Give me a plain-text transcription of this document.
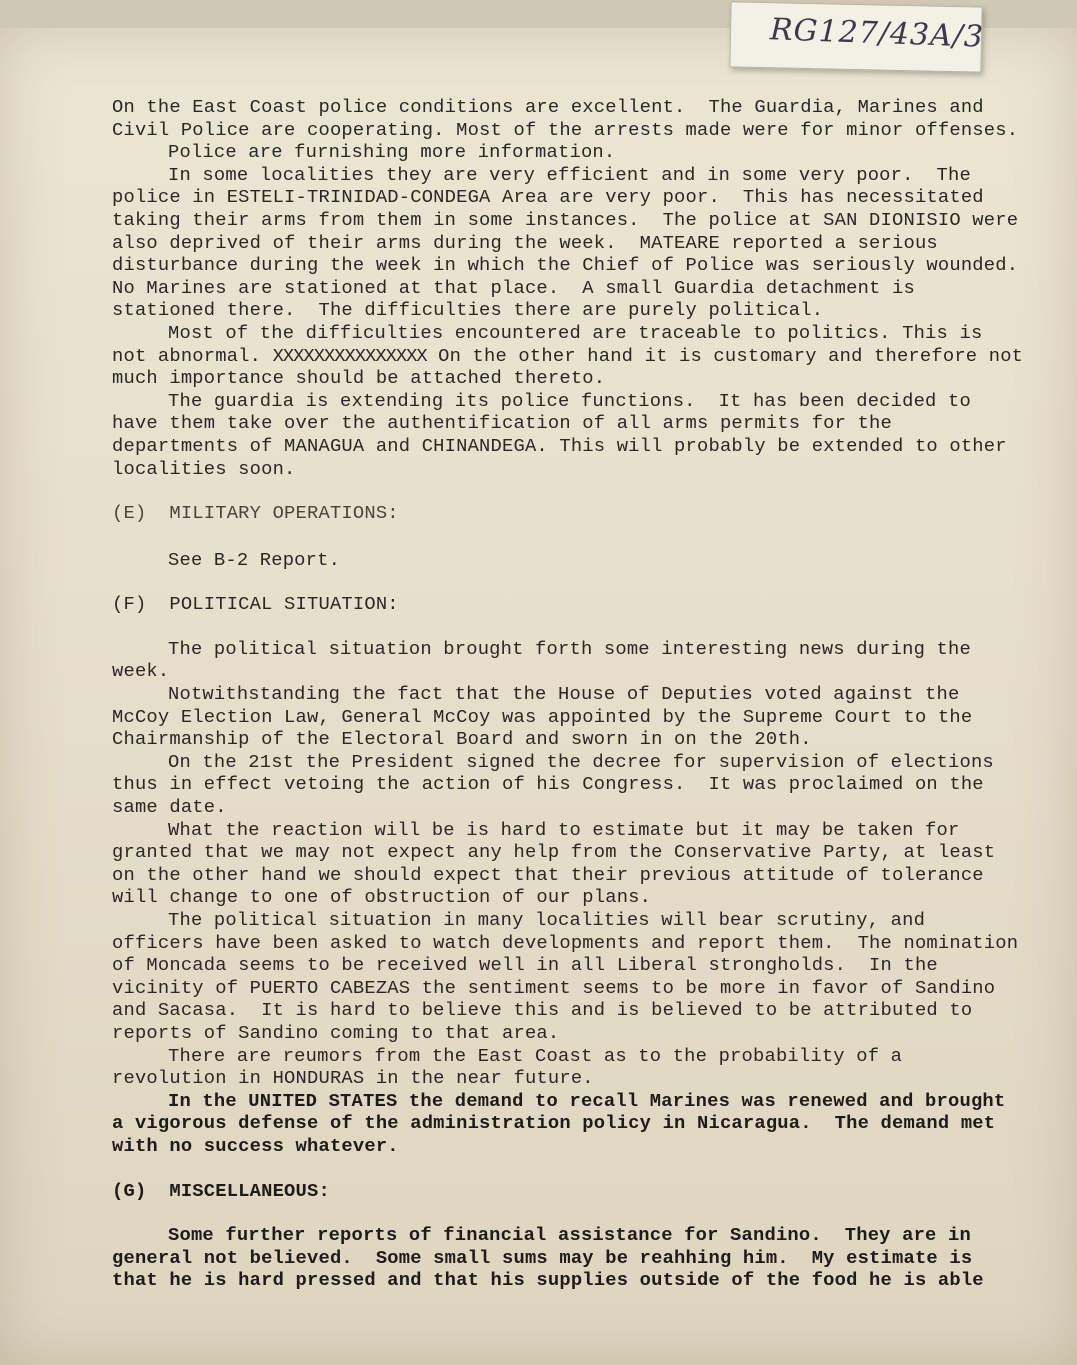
RG127/43A/3

On the East Coast police conditions are excellent.  The Guardia, Marines and Civil Police are cooperating. Most of the arrests made were for minor offenses.

Police are furnishing more information.

In some localities they are very efficient and in some very poor.  The police in ESTELI-TRINIDAD-CONDEGA Area are very poor.  This has necessitated taking their arms from them in some instances.  The police at SAN DIONISIO were also deprived of their arms during the week.  MATEARE reported a serious disturbance during the week in which the Chief of Police was seriously wounded. No Marines are stationed at that place.  A small Guardia detachment is stationed there.  The difficulties there are purely political.

Most of the difficulties encountered are traceable to politics. This is not abnormal. XXXXXXXXXXXXXXX On the other hand it is customary and therefore not much importance should be attached thereto.

The guardia is extending its police functions.  It has been decided to have them take over the authentification of all arms permits for the departments of MANAGUA and CHINANDEGA. This will probably be extended to other localities soon.

(E)  MILITARY OPERATIONS:

See B-2 Report.

(F)  POLITICAL SITUATION:

The political situation brought forth some interesting news during the week.

Notwithstanding the fact that the House of Deputies voted against the McCoy Election Law, General McCoy was appointed by the Supreme Court to the Chairmanship of the Electoral Board and sworn in on the 20th.

On the 21st the President signed the decree for supervision of elections thus in effect vetoing the action of his Congress.  It was proclaimed on the same date.

What the reaction will be is hard to estimate but it may be taken for granted that we may not expect any help from the Conservative Party, at least on the other hand we should expect that their previous attitude of tolerance will change to one of obstruction of our plans.

The political situation in many localities will bear scrutiny, and officers have been asked to watch developments and report them.  The nomination of Moncada seems to be received well in all Liberal strongholds.  In the vicinity of PUERTO CABEZAS the sentiment seems to be more in favor of Sandino and Sacasa.  It is hard to believe this and is believed to be attributed to reports of Sandino coming to that area.

There are reumors from the East Coast as to the probability of a revolution in HONDURAS in the near future.

In the UNITED STATES the demand to recall Marines was renewed and brought a vigorous defense of the administration policy in Nicaragua.  The demand met with no success whatever.

(G)  MISCELLANEOUS:

Some further reports of financial assistance for Sandino.  They are in general not believed.  Some small sums may be reahhing him.  My estimate is that he is hard pressed and that his supplies outside of the food he is able
